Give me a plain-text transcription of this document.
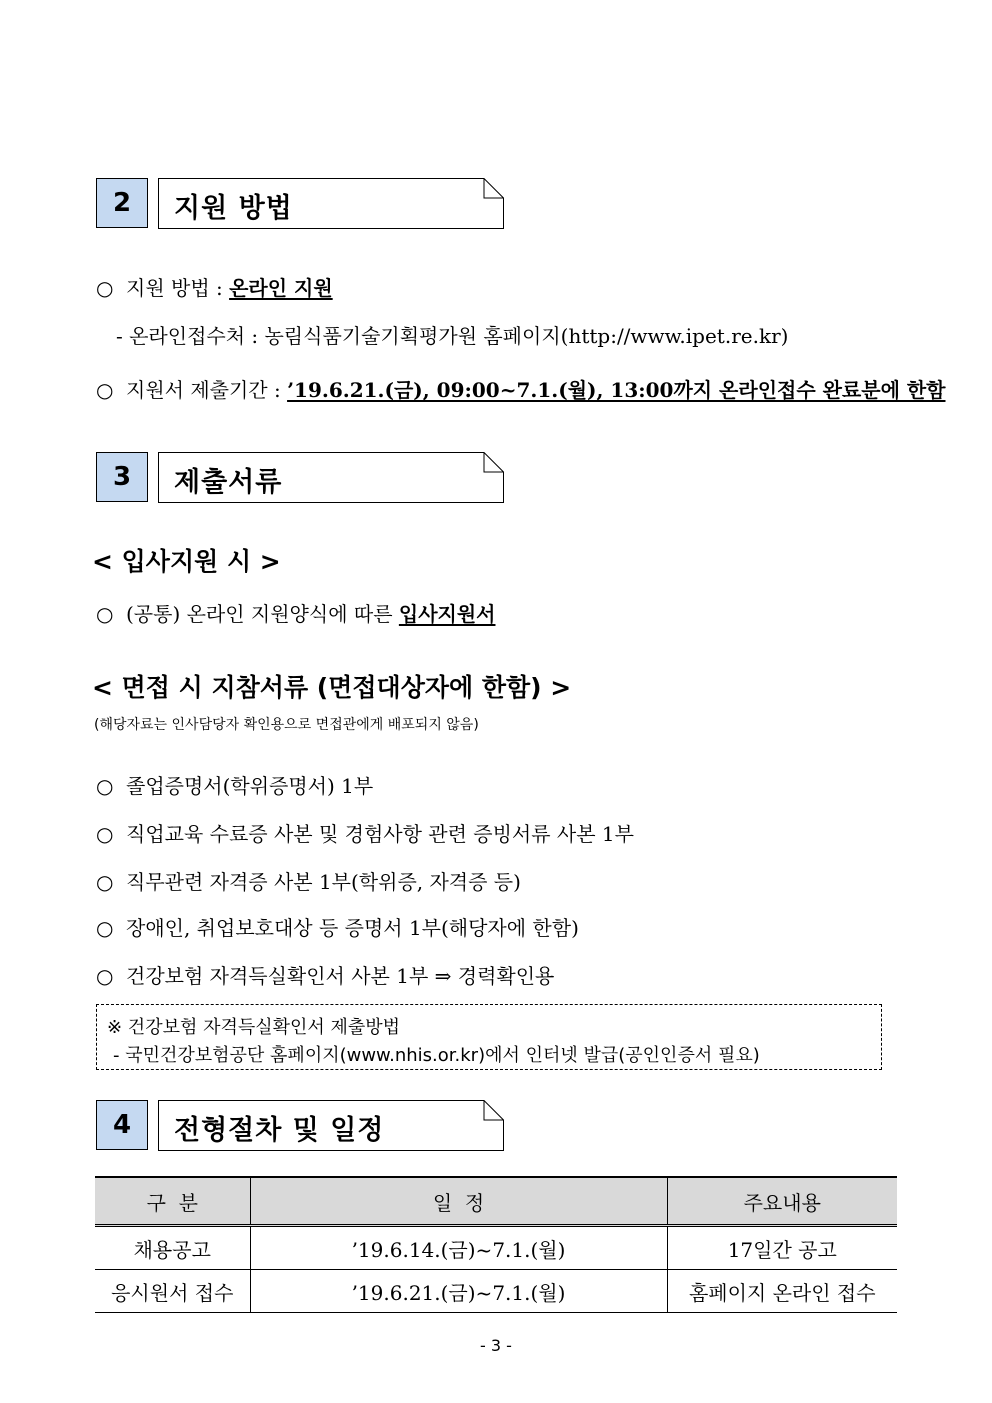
2	지원 방법
○ 지원 방법 : 온라인 지원
- 온라인접수처 : 농림식품기술기획평가원 홈페이지(http://www.ipet.re.kr)
○ 지원서 제출기간 : ’19.6.21.(금), 09:00~7.1.(월), 13:00까지 온라인접수 완료분에 한함
3	제출서류
< 입사지원 시 >
○ (공통) 온라인 지원양식에 따른 입사지원서
< 면접 시 지참서류 (면접대상자에 한함) >
(해당자료는 인사담당자 확인용으로 면접관에게 배포되지 않음)
○ 졸업증명서(학위증명서) 1부
○ 직업교육 수료증 사본 및 경험사항 관련 증빙서류 사본 1부
○ 직무관련 자격증 사본 1부(학위증, 자격증 등)
○ 장애인, 취업보호대상 등 증명서 1부(해당자에 한함)
○ 건강보험 자격득실확인서 사본 1부 ⇒ 경력확인용
※ 건강보험 자격득실확인서 제출방법
- 국민건강보험공단 홈페이지(www.nhis.or.kr)에서 인터넷 발급(공인인증서 필요)
4	전형절차 및 일정
구  분	일  정	주요내용
채용공고	’19.6.14.(금)~7.1.(월)	17일간 공고
응시원서 접수	’19.6.21.(금)~7.1.(월)	홈페이지 온라인 접수
- 3 -
